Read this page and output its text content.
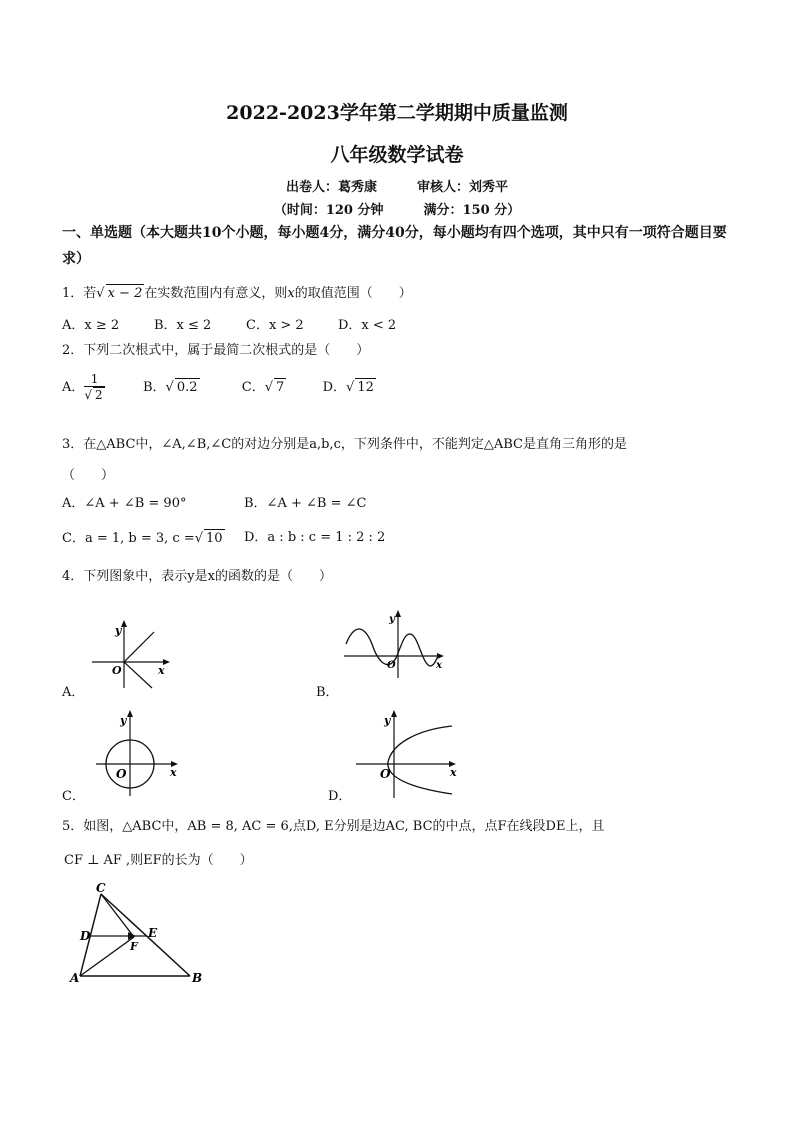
2022-2023学年第二学期期中质量监测
八年级数学试卷
出卷人：葛秀康	审核人：刘秀平
（时间：120 分钟	满分：150 分）
一、单选题（本大题共10个小题，每小题4分，满分40分，每小题均有四个选项，其中只有一项符合题目要求）
1．若√ x − 2 在实数范围内有意义，则x的取值范围（　　）
A．x ≥ 2	B．x ≤ 2	C．x > 2	D．x < 2
2．下列二次根式中，属于最简二次根式的是（　　）
A． $\frac{1}{√ 2}$	B．√ 0.2	C．√ 7	D．√ 12
3．在△ABC中，∠A,∠B,∠C的对边分别是a,b,c，下列条件中，不能判定△ABC是直角三角形的是
（　　）
A．∠A + ∠B = 90°	B．∠A + ∠B = ∠C
C．a = 1, b = 3, c =√ 10 D．a : b : c = 1 : 2 : 2
4．下列图象中，表示y是x的函数的是（　　）
y
O	x
A．
y
O	x
B．
y
O	x
C．
y
O	x
D．
5．如图，△ABC中，AB = 8, AC = 6,点D, E分别是边AC, BC的中点，点F在线段DE上，且
CF ⊥ AF ,则EF的长为（　　）
A	B
C
D	E
F
